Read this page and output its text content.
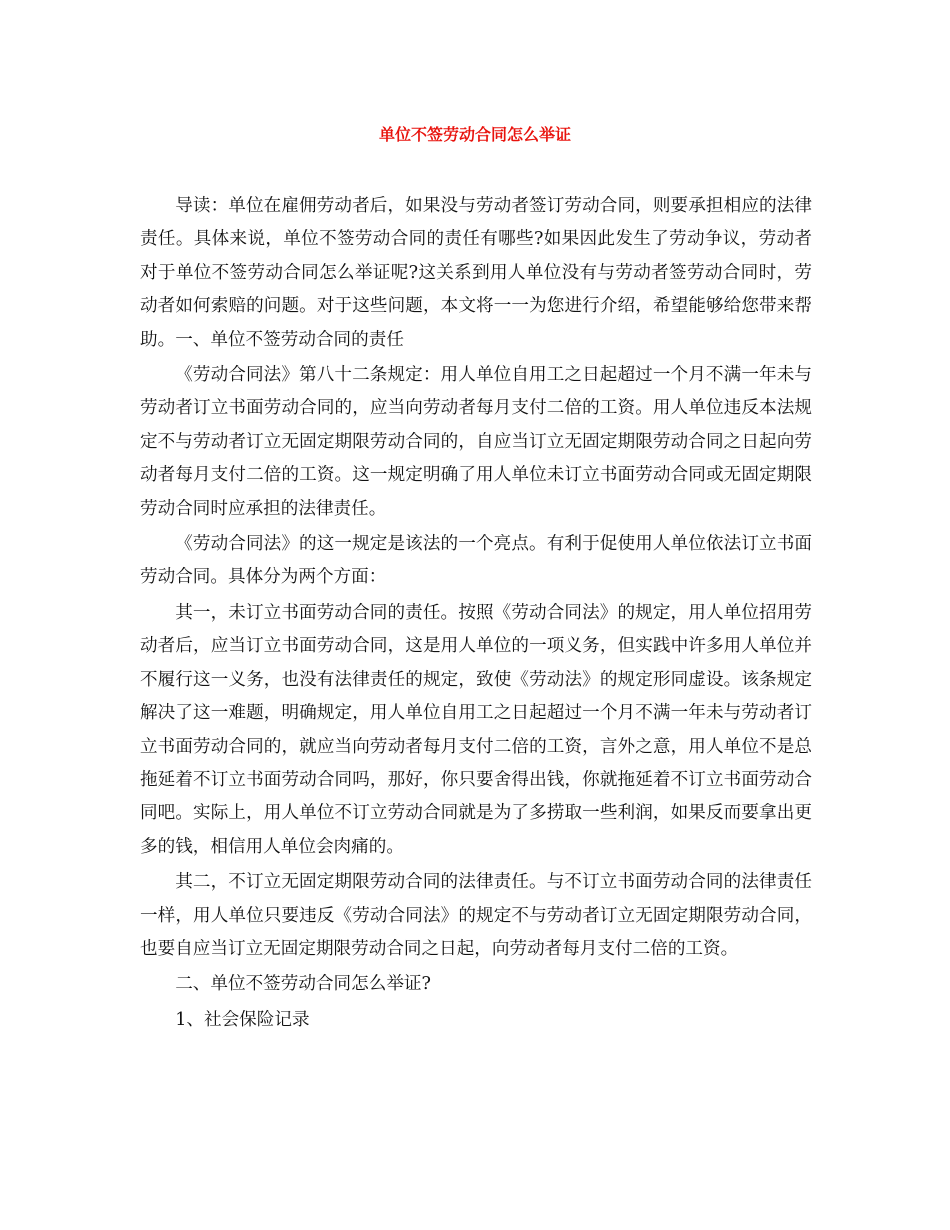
单位不签劳动合同怎么举证

导读：单位在雇佣劳动者后，如果没与劳动者签订劳动合同，则要承担相应的法律责任。具体来说，单位不签劳动合同的责任有哪些?如果因此发生了劳动争议，劳动者对于单位不签劳动合同怎么举证呢?这关系到用人单位没有与劳动者签劳动合同时，劳动者如何索赔的问题。对于这些问题，本文将一一为您进行介绍，希望能够给您带来帮助。一、单位不签劳动合同的责任

《劳动合同法》第八十二条规定：用人单位自用工之日起超过一个月不满一年未与劳动者订立书面劳动合同的，应当向劳动者每月支付二倍的工资。用人单位违反本法规定不与劳动者订立无固定期限劳动合同的，自应当订立无固定期限劳动合同之日起向劳动者每月支付二倍的工资。这一规定明确了用人单位未订立书面劳动合同或无固定期限劳动合同时应承担的法律责任。

《劳动合同法》的这一规定是该法的一个亮点。有利于促使用人单位依法订立书面劳动合同。具体分为两个方面：

其一，未订立书面劳动合同的责任。按照《劳动合同法》的规定，用人单位招用劳动者后，应当订立书面劳动合同，这是用人单位的一项义务，但实践中许多用人单位并不履行这一义务，也没有法律责任的规定，致使《劳动法》的规定形同虚设。该条规定解决了这一难题，明确规定，用人单位自用工之日起超过一个月不满一年未与劳动者订立书面劳动合同的，就应当向劳动者每月支付二倍的工资，言外之意，用人单位不是总拖延着不订立书面劳动合同吗，那好，你只要舍得出钱，你就拖延着不订立书面劳动合同吧。实际上，用人单位不订立劳动合同就是为了多捞取一些利润，如果反而要拿出更多的钱，相信用人单位会肉痛的。

其二，不订立无固定期限劳动合同的法律责任。与不订立书面劳动合同的法律责任一样，用人单位只要违反《劳动合同法》的规定不与劳动者订立无固定期限劳动合同，也要自应当订立无固定期限劳动合同之日起，向劳动者每月支付二倍的工资。

二、单位不签劳动合同怎么举证?

1、社会保险记录
